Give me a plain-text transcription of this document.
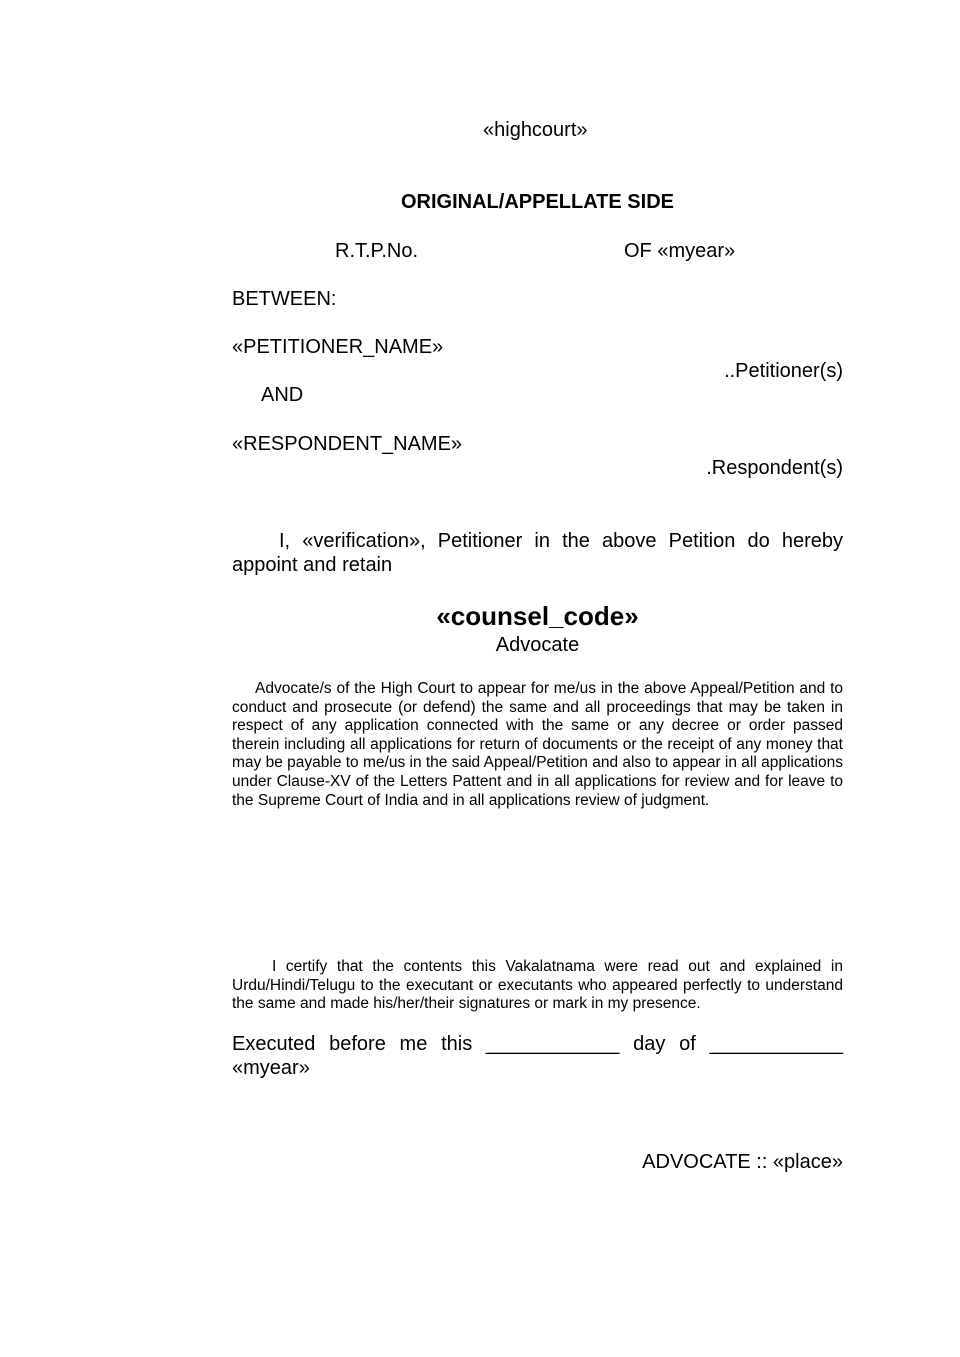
«highcourt»
ORIGINAL/APPELLATE SIDE
R.T.P.No.	OF «myear»
BETWEEN:
«PETITIONER_NAME»
..Petitioner(s)
AND
«RESPONDENT_NAME»
.Respondent(s)
I, «verification», Petitioner in the above Petition do hereby appoint and retain
«counsel_code»
Advocate
Advocate/s of the High Court to appear for me/us in the above Appeal/Petition and to conduct and prosecute (or defend) the same and all proceedings that may be taken in respect of any application connected with the same or any decree or order passed therein including all applications for return of documents or the receipt of any money that may be payable to me/us in the said Appeal/Petition and also to appear in all applications under Clause-XV of the Letters Pattent and in all applications for review and for leave to the Supreme Court of India and in all applications review of judgment.
I certify that the contents this Vakalatnama were read out and explained in Urdu/Hindi/Telugu to the executant or executants who appeared perfectly to understand the same and made his/her/their signatures or mark in my presence.
Executed before me this ____________ day of ____________ «myear»
ADVOCATE :: «place»
